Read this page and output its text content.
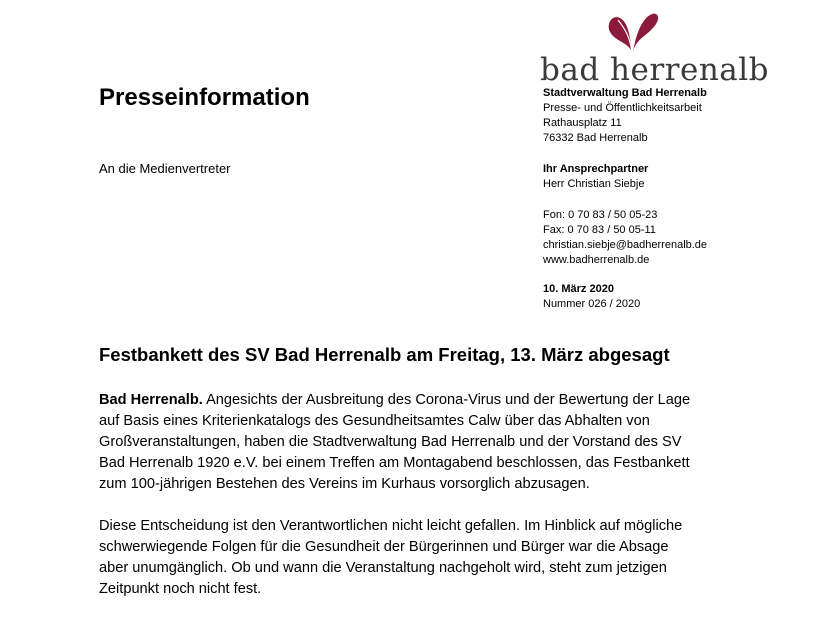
bad herrenalb
Presseinformation
An die Medienvertreter
Stadtverwaltung Bad Herrenalb
Presse- und Öffentlichkeitsarbeit
Rathausplatz 11
76332 Bad Herrenalb
Ihr Ansprechpartner
Herr Christian Siebje
Fon: 0 70 83 / 50 05-23
Fax: 0 70 83 / 50 05-11
christian.siebje@badherrenalb.de
www.badherrenalb.de
10. März 2020
Nummer 026 / 2020
Festbankett des SV Bad Herrenalb am Freitag, 13. März abgesagt

Bad Herrenalb. Angesichts der Ausbreitung des Corona-Virus und der Bewertung der Lage
auf Basis eines Kriterienkatalogs des Gesundheitsamtes Calw über das Abhalten von
Großveranstaltungen, haben die Stadtverwaltung Bad Herrenalb und der Vorstand des SV
Bad Herrenalb 1920 e.V. bei einem Treffen am Montagabend beschlossen, das Festbankett
zum 100-jährigen Bestehen des Vereins im Kurhaus vorsorglich abzusagen.

Diese Entscheidung ist den Verantwortlichen nicht leicht gefallen. Im Hinblick auf mögliche
schwerwiegende Folgen für die Gesundheit der Bürgerinnen und Bürger war die Absage
aber unumgänglich. Ob und wann die Veranstaltung nachgeholt wird, steht zum jetzigen
Zeitpunkt noch nicht fest.
